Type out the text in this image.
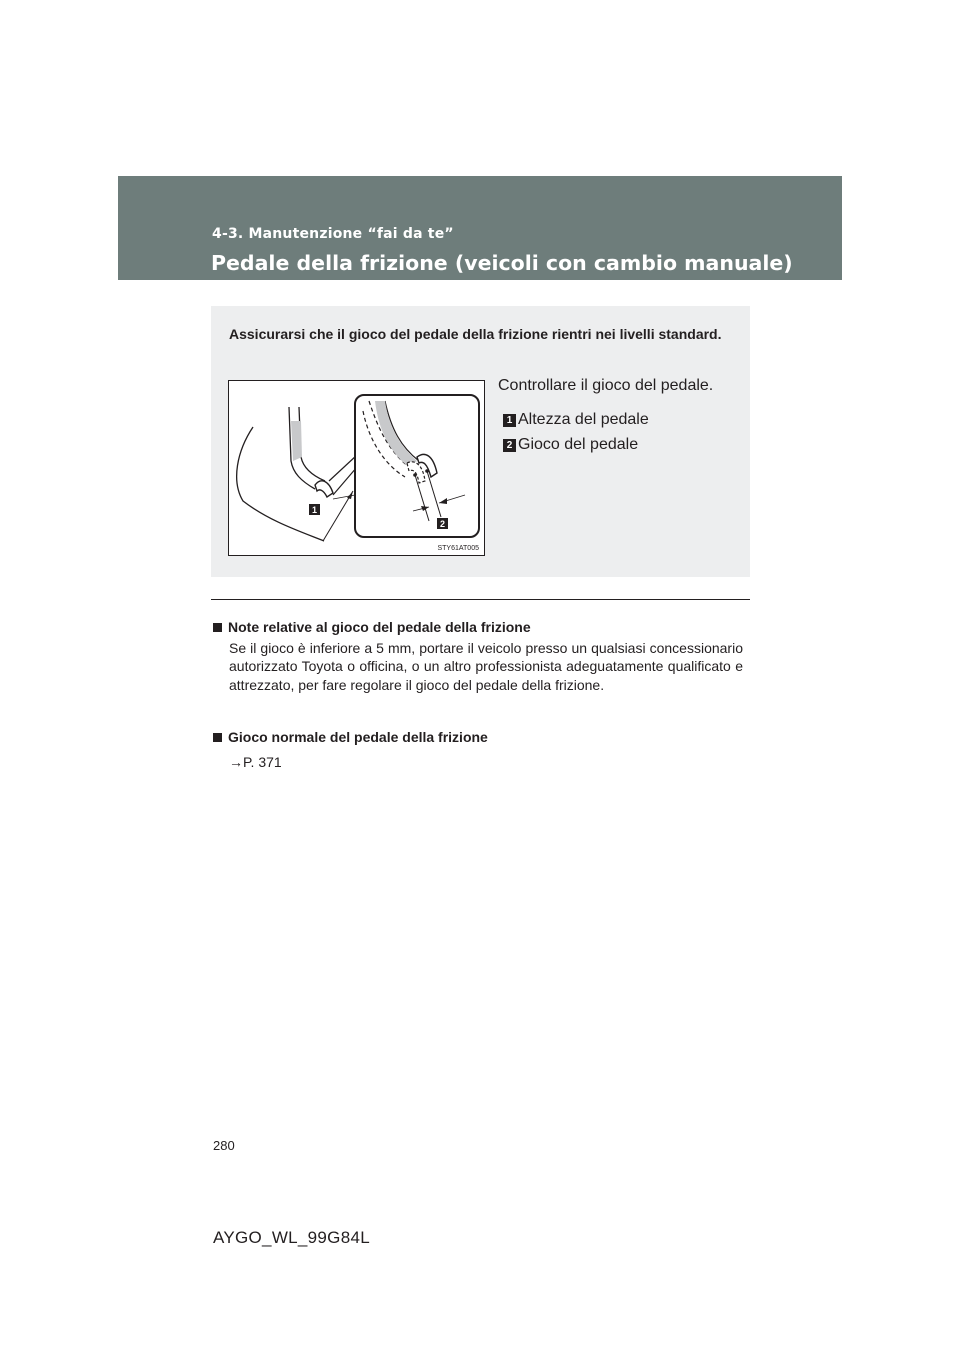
4-3. Manutenzione “fai da te”
Pedale della frizione (veicoli con cambio manuale)
Assicurarsi che il gioco del pedale della frizione rientri nei livelli standard.
1
2
STY61AT005
Controllare il gioco del pedale.
1 Altezza del pedale
2 Gioco del pedale
Note relative al gioco del pedale della frizione
Se il gioco è inferiore a 5 mm, portare il veicolo presso un qualsiasi concessionario autorizzato Toyota o officina, o un altro professionista adeguatamente qualificato e attrezzato, per fare regolare il gioco del pedale della frizione.
Gioco normale del pedale della frizione
→P. 371
280
AYGO_WL_99G84L
